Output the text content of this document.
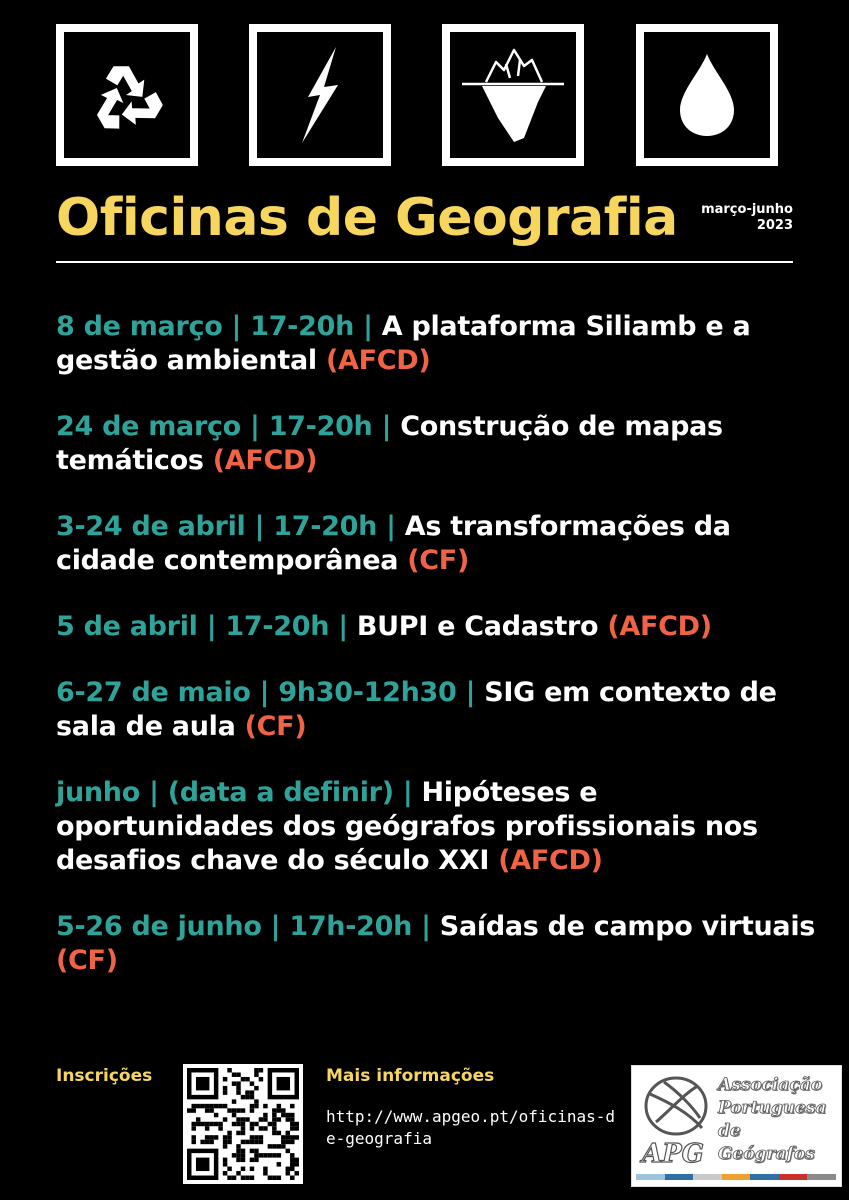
Oficinas de Geografia março-junho
2023

8 de março | 17-20h | A plataforma Siliamb e a gestão ambiental (AFCD)

24 de março | 17-20h | Construção de mapas temáticos (AFCD)

3-24 de abril | 17-20h | As transformações da cidade contemporânea (CF)

5 de abril | 17-20h | BUPI e Cadastro (AFCD)

6-27 de maio | 9h30-12h30 | SIG em contexto de sala de aula (CF)

junho | (data a definir) | Hipóteses e oportunidades dos geógrafos profissionais nos desafios chave do século XXI (AFCD)

5-26 de junho | 17h-20h | Saídas de campo virtuais (CF)

Inscrições	Mais informações
http://www.apgeo.pt/oficinas-de-geografia
APG
Associação
Portuguesa
de Geógrafos
